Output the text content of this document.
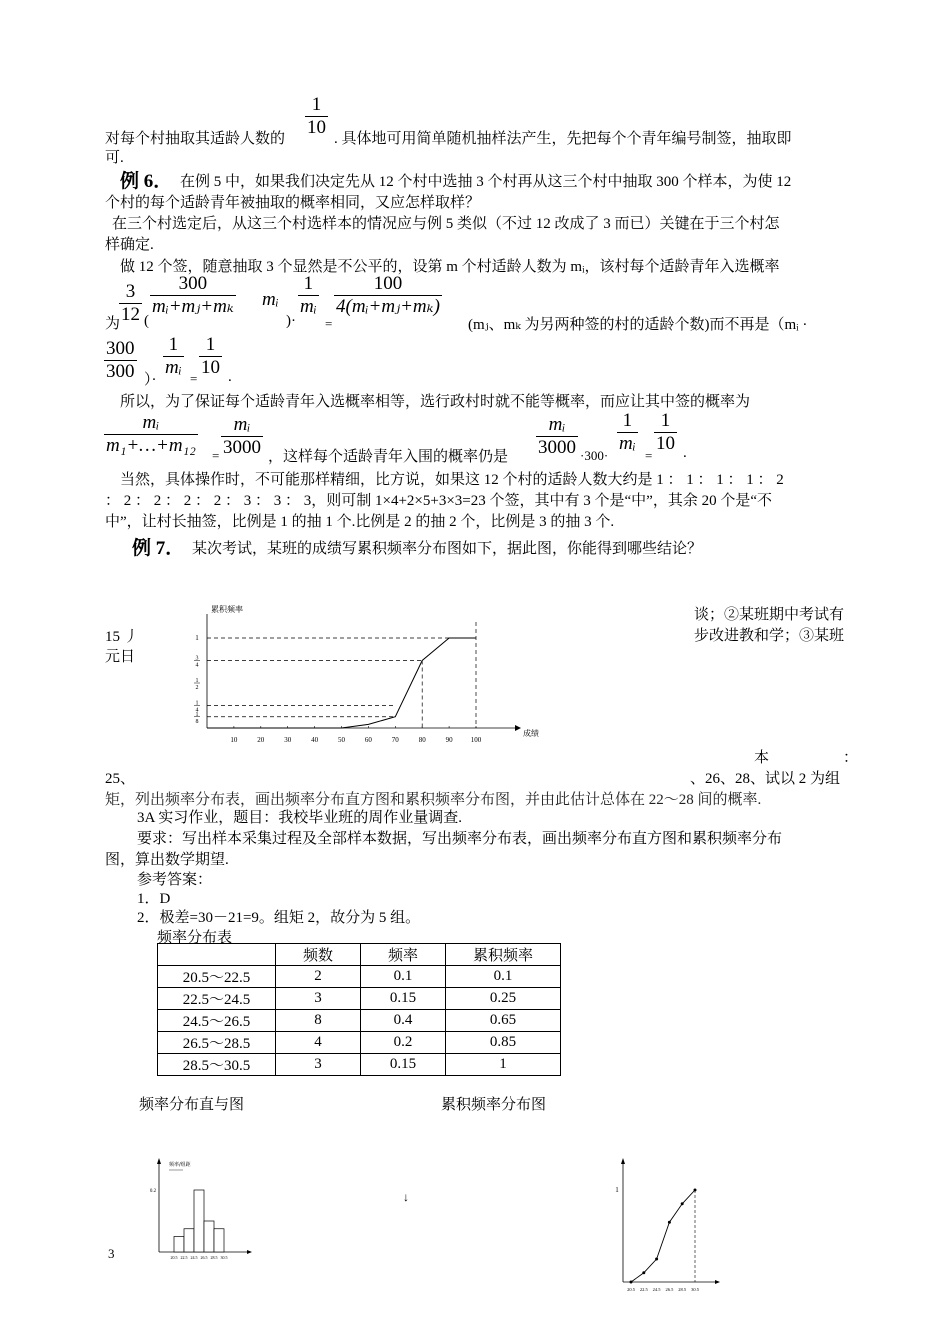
$\frac{1}{10}$
对每个村抽取其适龄人数的	. 具体地可用简单随机抽样法产生，先把每个个青年编号制签，抽取即
可.
例 6． 在例 5 中，如果我们决定先从 12 个村中选抽 3 个村再从这三个村中抽取 300 个样本，为使 12
个村的每个适龄青年被抽取的概率相同，又应怎样取样？
在三个村选定后，从这三个村选样本的情况应与例 5 类似（不过 12 改成了 3 而已）关键在于三个村怎
样确定.
做 12 个签，随意抽取 3 个显然是不公平的，设第 m 个村适龄人数为 mᵢ，该村每个适龄青年入选概率
为
$\frac{3}{12}$ (
$\frac{300}{\text{mᵢ+mⱼ+mₖ}}$ mᵢ
)·
$\frac{1}{\text{mᵢ}}$
=
$\frac{100}{\text{4(mᵢ+mⱼ+mₖ)}}$
(mⱼ、mₖ 为另两种签的村的适龄个数)而不再是（mᵢ ·
$\frac{300}{300}$ ）·
$\frac{1}{\text{mᵢ}} = \frac{1}{10}$ .
所以，为了保证每个适龄青年入选概率相等，选行政村时就不能等概率，而应让其中签的概率为
$\frac{\text{mᵢ}}{\text{m₁+…+m₁₂}} = \frac{\text{mᵢ}}{3000}$ ，这样每个适龄青年入围的概率仍是 $\frac{\text{mᵢ}}{3000} \cdot 300\cdot$
$\frac{1}{\text{mᵢ}}$
=
$\frac{1}{10}$ .
当然，具体操作时，不可能那样精细，比方说，如果这 12 个村的适龄人数大约是 1 ： 1 ： 1 ： 1 ： 2
： 2 ： 2 ： 2 ： 2 ： 3 ： 3 ： 3，则可制 1×4+2×5+3×3=23 个签，其中有 3 个是“中”，其余 20 个是“不
中”，让村长抽签，比例是 1 的抽 1 个.比例是 2 的抽 2 个，比例是 3 的抽 3 个.
例 7． 某次考试，某班的成绩写累积频率分布图如下，据此图，你能得到哪些结论？
15 丿
元日
谈；②某班期中考试有
步改进教和学；③某班
累积频率
成绩
10	20	30	40	50	60	70	80	90	100
1
3
4
1
2
1
4
1
8
本	：
25、	、26、28、试以 2 为组
矩，列出频率分布表，画出频率分布直方图和累积频率分布图，并由此估计总体在 22～28 间的概率.
3A 实习作业，题目：我校毕业班的周作业量调查.
要求：写出样本采集过程及全部样本数据，写出频率分布表，画出频率分布直方图和累积频率分布
图，算出数学期望.
参考答案：
1．D
2．极差=30－21=9。组矩 2，故分为 5 组。
频率分布表
	频数	频率	累积频率
20.5～22.5	2	0.1	0.1
22.5～24.5	3	0.15	0.25
24.5～26.5	8	0.4	0.65
26.5～28.5	4	0.2	0.85
28.5～30.5	3	0.15	1
频率分布直与图	累积频率分布图
频率/组距
0.2
20.5 22.5 24.5 26.5 28.5 30.5
↓	1
20.5 22.5 24.5 26.5 28.5 30.5
3
